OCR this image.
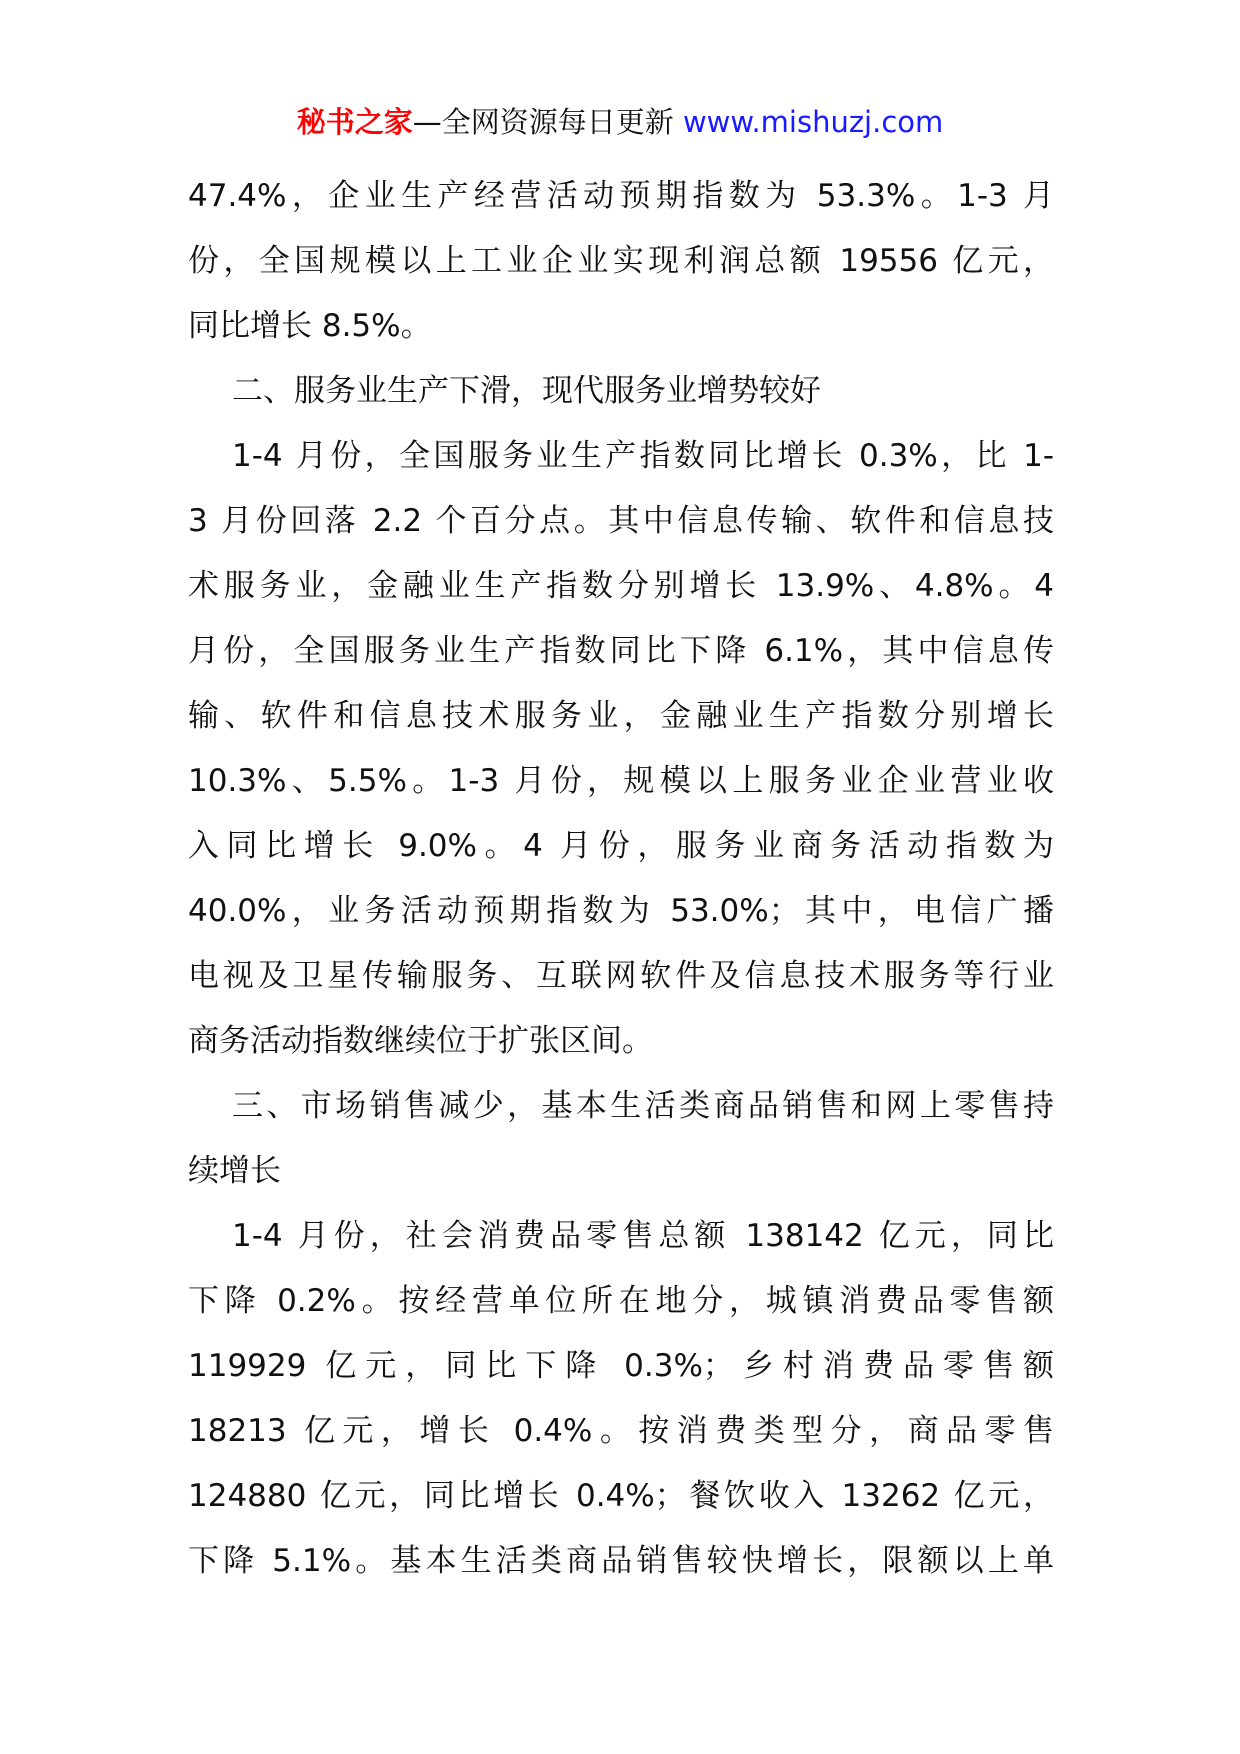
秘书之家—全网资源每日更新 www.mishuzj.com
47.4%，企业生产经营活动预期指数为 53.3%。1-3 月
份，全国规模以上工业企业实现利润总额 19556 亿元，
同比增长 8.5%。
二、服务业生产下滑，现代服务业增势较好
1-4 月份，全国服务业生产指数同比增长 0.3%，比 1-
3 月份回落 2.2 个百分点。其中信息传输、软件和信息技
术服务业，金融业生产指数分别增长 13.9%、4.8%。4
月份，全国服务业生产指数同比下降 6.1%，其中信息传
输、软件和信息技术服务业，金融业生产指数分别增长
10.3%、5.5%。1-3 月份，规模以上服务业企业营业收
入同比增长 9.0%。4 月份，服务业商务活动指数为
40.0%，业务活动预期指数为 53.0%；其中，电信广播
电视及卫星传输服务、互联网软件及信息技术服务等行业
商务活动指数继续位于扩张区间。
三、市场销售减少，基本生活类商品销售和网上零售持
续增长
1-4 月份，社会消费品零售总额 138142 亿元，同比
下降 0.2%。按经营单位所在地分，城镇消费品零售额
119929 亿元，同比下降 0.3%；乡村消费品零售额
18213 亿元，增长 0.4%。按消费类型分，商品零售
124880 亿元，同比增长 0.4%；餐饮收入 13262 亿元，
下降 5.1%。基本生活类商品销售较快增长，限额以上单
